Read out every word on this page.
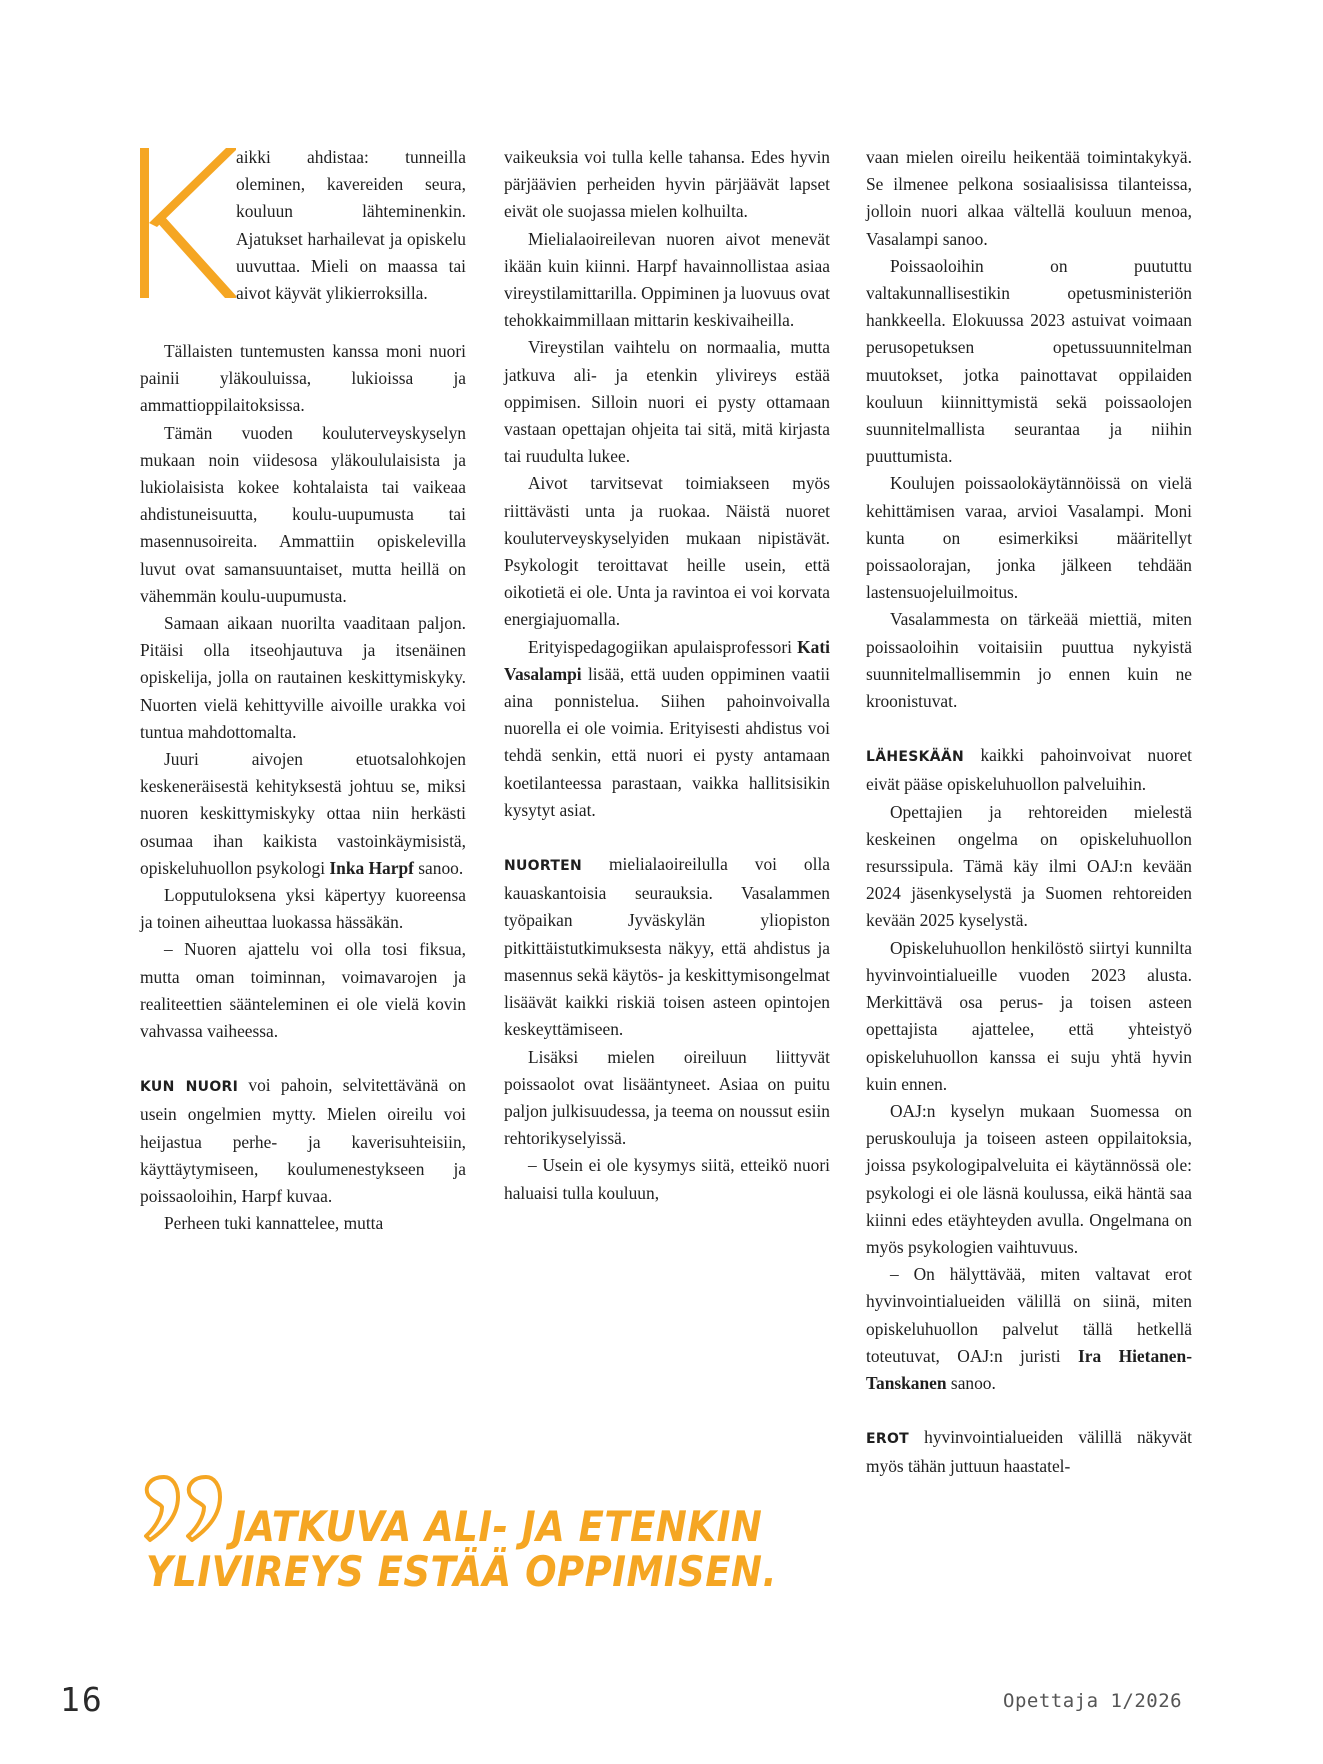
aikki ahdistaa: tunneilla oleminen, kavereiden seura, kouluun lähteminenkin. Ajatukset harhailevat ja opiskelu uuvuttaa. Mieli on maassa tai aivot käyvät ylikierroksilla.

Tällaisten tuntemusten kanssa moni nuori painii yläkouluissa, lukioissa ja ammattioppilaitoksissa.

Tämän vuoden kouluterveyskyselyn mukaan noin viidesosa yläkoululaisista ja lukiolaisista kokee kohtalaista tai vaikeaa ahdistuneisuutta, koulu-uupumusta tai masennusoireita. Ammattiin opiskelevilla luvut ovat samansuuntaiset, mutta heillä on vähemmän koulu-uupumusta.

Samaan aikaan nuorilta vaaditaan paljon. Pitäisi olla itseohjautuva ja itsenäinen opiskelija, jolla on rautainen keskittymiskyky. Nuorten vielä kehittyville aivoille urakka voi tuntua mahdottomalta.

Juuri aivojen etuotsalohkojen keskeneräisestä kehityksestä johtuu se, miksi nuoren keskittymiskyky ottaa niin herkästi osumaa ihan kaikista vastoinkäymisistä, opiskeluhuollon psykologi Inka Harpf sanoo.

Lopputuloksena yksi käpertyy kuoreensa ja toinen aiheuttaa luokassa hässäkän.

– Nuoren ajattelu voi olla tosi fiksua, mutta oman toiminnan, voimavarojen ja realiteettien säänteleminen ei ole vielä kovin vahvassa vaiheessa.

KUN NUORI voi pahoin, selvitettävänä on usein ongelmien mytty. Mielen oireilu voi heijastua perhe- ja kaverisuhteisiin, käyttäytymiseen, koulumenestykseen ja poissaoloihin, Harpf kuvaa.

Perheen tuki kannattelee, mutta

vaikeuksia voi tulla kelle tahansa. Edes hyvin pärjäävien perheiden hyvin pärjäävät lapset eivät ole suojassa mielen kolhuilta.

Mielialaoireilevan nuoren aivot menevät ikään kuin kiinni. Harpf havainnollistaa asiaa vireystilamittarilla. Oppiminen ja luovuus ovat tehokkaimmillaan mittarin keskivaiheilla.

Vireystilan vaihtelu on normaalia, mutta jatkuva ali- ja etenkin ylivireys estää oppimisen. Silloin nuori ei pysty ottamaan vastaan opettajan ohjeita tai sitä, mitä kirjasta tai ruudulta lukee.

Aivot tarvitsevat toimiakseen myös riittävästi unta ja ruokaa. Näistä nuoret kouluterveyskyselyiden mukaan nipistävät. Psykologit teroittavat heille usein, että oikotietä ei ole. Unta ja ravintoa ei voi korvata energiajuomalla.

Erityispedagogiikan apulaisprofessori Kati Vasalampi lisää, että uuden oppiminen vaatii aina ponnistelua. Siihen pahoinvoivalla nuorella ei ole voimia. Erityisesti ahdistus voi tehdä senkin, että nuori ei pysty antamaan koetilanteessa parastaan, vaikka hallitsisikin kysytyt asiat.

NUORTEN mielialaoireilulla voi olla kauaskantoisia seurauksia. Vasalammen työpaikan Jyväskylän yliopiston pitkittäistutkimuksesta näkyy, että ahdistus ja masennus sekä käytös- ja keskittymisongelmat lisäävät kaikki riskiä toisen asteen opintojen keskeyttämiseen.

Lisäksi mielen oireiluun liittyvät poissaolot ovat lisääntyneet. Asiaa on puitu paljon julkisuudessa, ja teema on noussut esiin rehtorikyselyissä.

– Usein ei ole kysymys siitä, etteikö nuori haluaisi tulla kouluun,

vaan mielen oireilu heikentää toimintakykyä. Se ilmenee pelkona sosiaalisissa tilanteissa, jolloin nuori alkaa vältellä kouluun menoa, Vasalampi sanoo.

Poissaoloihin on puututtu valtakunnallisestikin opetusministeriön hankkeella. Elokuussa 2023 astuivat voimaan perusopetuksen opetussuunnitelman muutokset, jotka painottavat oppilaiden kouluun kiinnittymistä sekä poissaolojen suunnitelmallista seurantaa ja niihin puuttumista.

Koulujen poissaolokäytännöissä on vielä kehittämisen varaa, arvioi Vasalampi. Moni kunta on esimerkiksi määritellyt poissaolorajan, jonka jälkeen tehdään lastensuojeluilmoitus.

Vasalammesta on tärkeää miettiä, miten poissaoloihin voitaisiin puuttua nykyistä suunnitelmallisemmin jo ennen kuin ne kroonistuvat.

LÄHESKÄÄN kaikki pahoinvoivat nuoret eivät pääse opiskeluhuollon palveluihin.

Opettajien ja rehtoreiden mielestä keskeinen ongelma on opiskeluhuollon resurssipula. Tämä käy ilmi OAJ:n kevään 2024 jäsenkyselystä ja Suomen rehtoreiden kevään 2025 kyselystä.

Opiskeluhuollon henkilöstö siirtyi kunnilta hyvinvointialueille vuoden 2023 alusta. Merkittävä osa perus- ja toisen asteen opettajista ajattelee, että yhteistyö opiskeluhuollon kanssa ei suju yhtä hyvin kuin ennen.

OAJ:n kyselyn mukaan Suomessa on peruskouluja ja toiseen asteen oppilaitoksia, joissa psykologipalveluita ei käytännössä ole: psykologi ei ole läsnä koulussa, eikä häntä saa kiinni edes etäyhteyden avulla. Ongelmana on myös psykologien vaihtuvuus.

– On hälyttävää, miten valtavat erot hyvinvointialueiden välillä on siinä, miten opiskeluhuollon palvelut tällä hetkellä toteutuvat, OAJ:n juristi Ira Hietanen-Tanskanen sanoo.

EROT hyvinvointialueiden välillä näkyvät myös tähän juttuun haastatel-

JATKUVA ALI- JA ETENKIN
YLIVIREYS ESTÄÄ OPPIMISEN.
16	Opettaja 1/2026
